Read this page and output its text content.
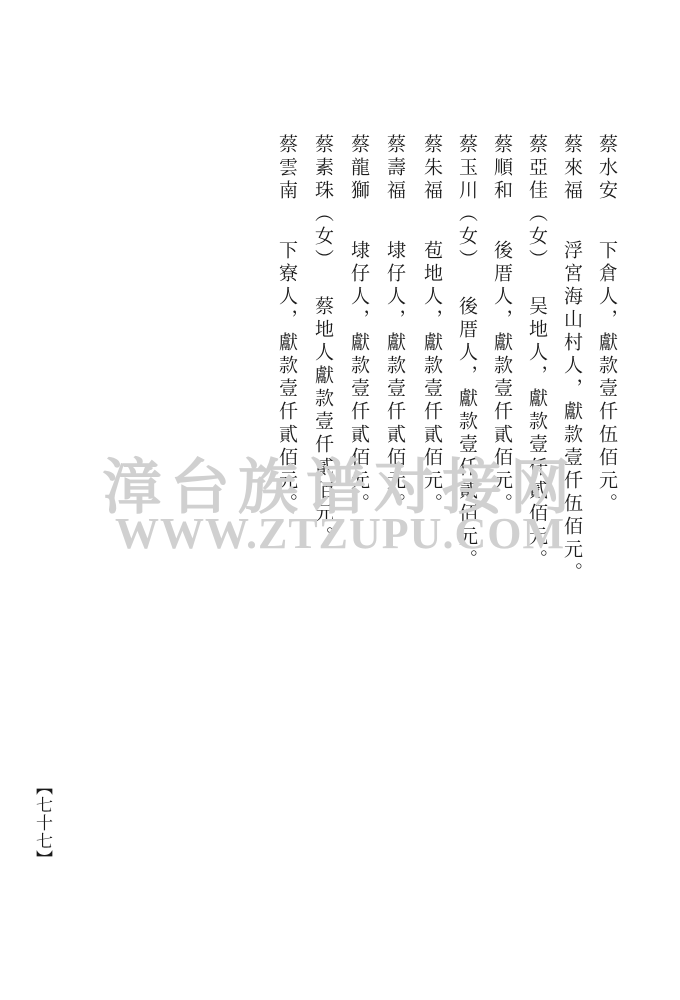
蔡水安
下倉人，獻款壹仟伍佰元。
蔡來福
浮宮海山村人，獻款壹仟伍佰元。
蔡亞佳（女）
吴地人，獻款壹仟貳佰元。
蔡順和
後厝人，獻款壹仟貳佰元。
蔡玉川（女）
後厝人，獻款壹仟貳佰元。
蔡朱福
苞地人，獻款壹仟貳佰元。
蔡壽福
埭仔人，獻款壹仟貳佰元。
蔡龍獅
埭仔人，獻款壹仟貳佰元。
蔡素珠（女）
蔡地人獻款壹仟貳佰元。
蔡雲南
下寮人，獻款壹仟貳佰元。
漳台族谱对接网
WWW.ZTZUPU.COM
【七十七】
